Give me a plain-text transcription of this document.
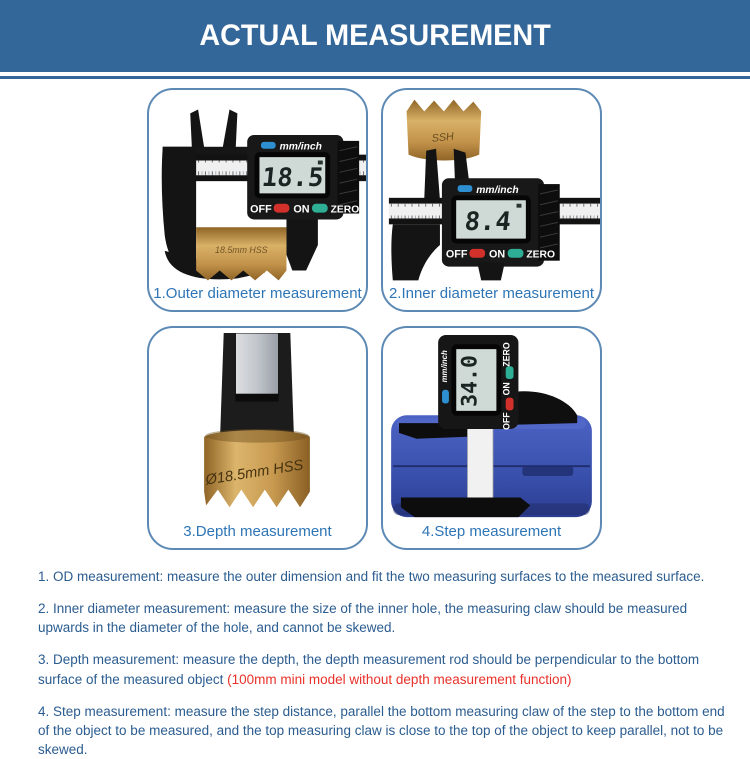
ACTUAL MEASUREMENT
mm/inch
18.5
OFF ON ZERO
18.5mm HSS
1.Outer diameter measurement
SSH
mm/inch
8.4
OFF ON ZERO
2.Inner diameter measurement
Ø18.5mm HSS
3.Depth measurement
34.0
mm/inch	ZERO
ON
OFF
4.Step measurement

1. OD measurement: measure the outer dimension and fit the two measuring surfaces to the measured surface.

2. Inner diameter measurement: measure the size of the inner hole, the measuring claw should be measured upwards in the diameter of the hole, and cannot be skewed.

3. Depth measurement: measure the depth, the depth measurement rod should be perpendicular to the bottom surface of the measured object (100mm mini model without depth measurement function)

4. Step measurement: measure the step distance, parallel the bottom measuring claw of the step to the bottom end of the object to be measured, and the top measuring claw is close to the top of the object to keep parallel, not to be skewed.
